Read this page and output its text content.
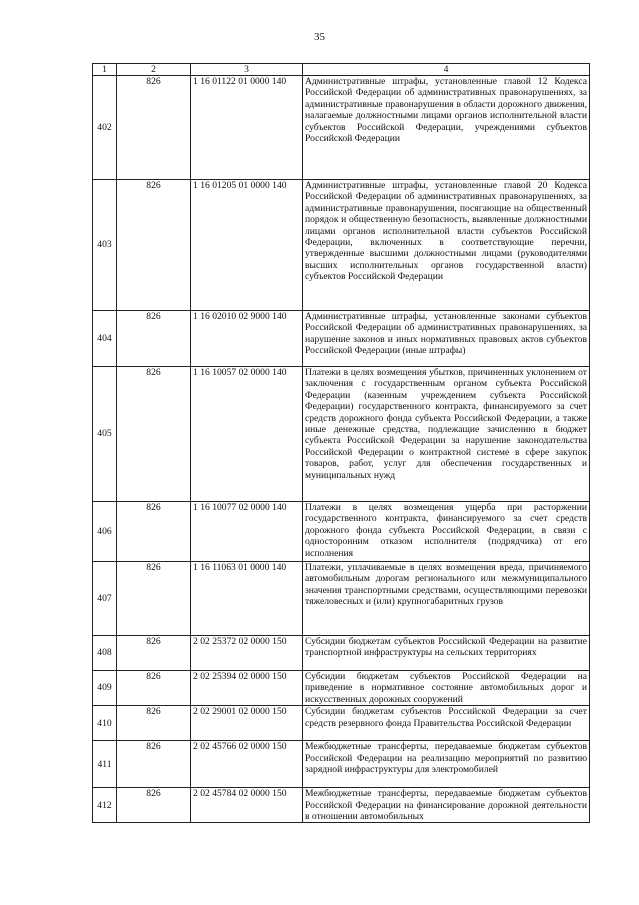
35
1	2	3	4
402	826	1 16 01122 01 0000 140	Административные штрафы, установленные главой 12 Кодекса Российской Федерации об административных правонарушениях, за административные правонарушения в области дорожного движения, налагаемые должностными лицами органов исполнительной власти субъектов Российской Федерации, учреждениями субъектов Российской Федерации
403	826	1 16 01205 01 0000 140	Административные штрафы, установленные главой 20 Кодекса Российской Федерации об административных правонарушениях, за административные правонарушения, посягающие на общественный порядок и общественную безопасность, выявленные должностными лицами органов исполнительной власти субъектов Российской Федерации, включенных в соответствующие перечни, утвержденные высшими должностными лицами (руководителями высших исполнительных органов государственной власти) субъектов Российской Федерации
404	826	1 16 02010 02 9000 140	Административные штрафы, установленные законами субъектов Российской Федерации об административных правонарушениях, за нарушение законов и иных нормативных правовых актов субъектов Российской Федерации (иные штрафы)
405	826	1 16 10057 02 0000 140	Платежи в целях возмещения убытков, причиненных уклонением от заключения с государственным органом субъекта Российской Федерации (казенным учреждением субъекта Российской Федерации) государственного контракта, финансируемого за счет средств дорожного фонда субъекта Российской Федерации, а также иные денежные средства, подлежащие зачислению в бюджет субъекта Российской Федерации за нарушение законодательства Российской Федерации о контрактной системе в сфере закупок товаров, работ, услуг для обеспечения государственных и муниципальных нужд
406	826	1 16 10077 02 0000 140	Платежи в целях возмещения ущерба при расторжении государственного контракта, финансируемого за счет средств дорожного фонда субъекта Российской Федерации, в связи с односторонним отказом исполнителя (подрядчика) от его исполнения
407	826	1 16 11063 01 0000 140	Платежи, уплачиваемые в целях возмещения вреда, причиняемого автомобильным дорогам регионального или межмуниципального значения транспортными средствами, осуществляющими перевозки тяжеловесных и (или) крупногабаритных грузов
408	826	2 02 25372 02 0000 150	Субсидии бюджетам субъектов Российской Федерации на развитие транспортной инфраструктуры на сельских территориях
409	826	2 02 25394 02 0000 150	Субсидии бюджетам субъектов Российской Федерации на приведение в нормативное состояние автомобильных дорог и искусственных дорожных сооружений
410	826	2 02 29001 02 0000 150	Субсидии бюджетам субъектов Российской Федерации за счет средств резервного фонда Правительства Российской Федерации
411	826	2 02 45766 02 0000 150	Межбюджетные трансферты, передаваемые бюджетам субъектов Российской Федерации на реализацию мероприятий по развитию зарядной инфраструктуры для электромобилей
412	826	2 02 45784 02 0000 150	Межбюджетные трансферты, передаваемые бюджетам субъектов Российской Федерации на финансирование дорожной деятельности в отношении автомобильных
